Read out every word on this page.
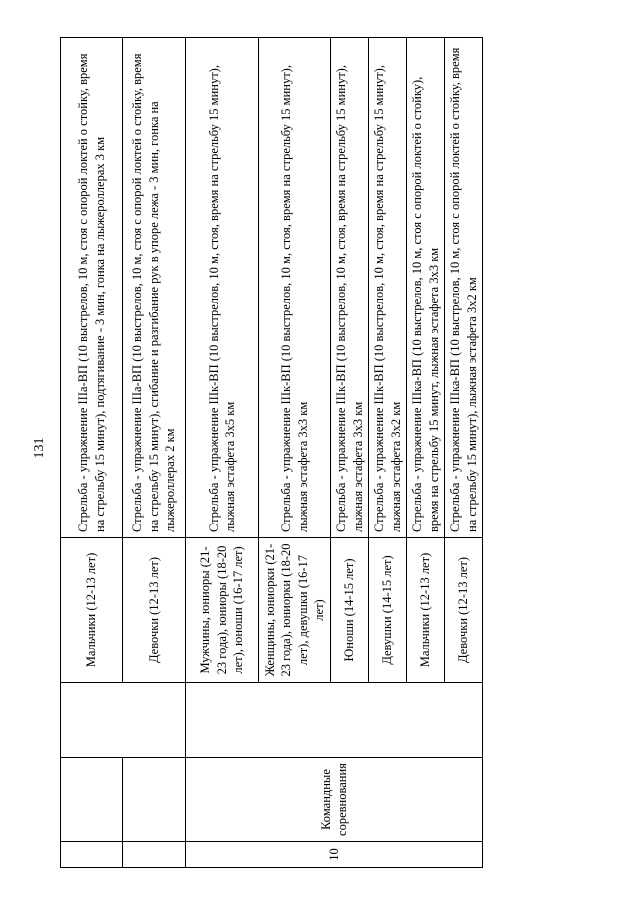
131
			Мальчики (12-13 лет)	Стрельба - упражнение IIIа-ВП (10 выстрелов, 10 м, стоя с опорой локтей о стойку, время на стрельбу 15 минут), подтягивание - 3 мин, гонка на лыжероллерах 3 км
			Девочки (12-13 лет)	Стрельба - упражнение IIIа-ВП (10 выстрелов, 10 м, стоя с опорой локтей о стойку, время на стрельбу 15 минут), сгибание и разгибание рук в упоре лежа - 3 мин, гонка на лыжероллерах 2 км
10	Командные соревнования		Мужчины, юниоры (21-23 года), юниоры (18-20 лет), юноши (16-17 лет)	Стрельба - упражнение IIIк-ВП (10 выстрелов, 10 м, стоя, время на стрельбу 15 минут), лыжная эстафета 3х5 км
			Женщины, юниорки (21-23 года), юниорки (18-20 лет), девушки (16-17 лет)	Стрельба - упражнение IIIк-ВП (10 выстрелов, 10 м, стоя, время на стрельбу 15 минут), лыжная эстафета 3х3 км
			Юноши (14-15 лет)	Стрельба - упражнение IIIк-ВП (10 выстрелов, 10 м, стоя, время на стрельбу 15 минут), лыжная эстафета 3х3 км
			Девушки (14-15 лет)	Стрельба - упражнение IIIк-ВП (10 выстрелов, 10 м, стоя, время на стрельбу 15 минут), лыжная эстафета 3х2 км
			Мальчики (12-13 лет)	Стрельба - упражнение IIIка-ВП (10 выстрелов, 10 м, стоя с опорой локтей о стойку), время на стрельбу 15 минут, лыжная эстафета 3х3 км
			Девочки (12-13 лет)	Стрельба - упражнение IIIка-ВП (10 выстрелов, 10 м, стоя с опорой локтей о стойку, время на стрельбу 15 минут), лыжная эстафета 3х2 км
